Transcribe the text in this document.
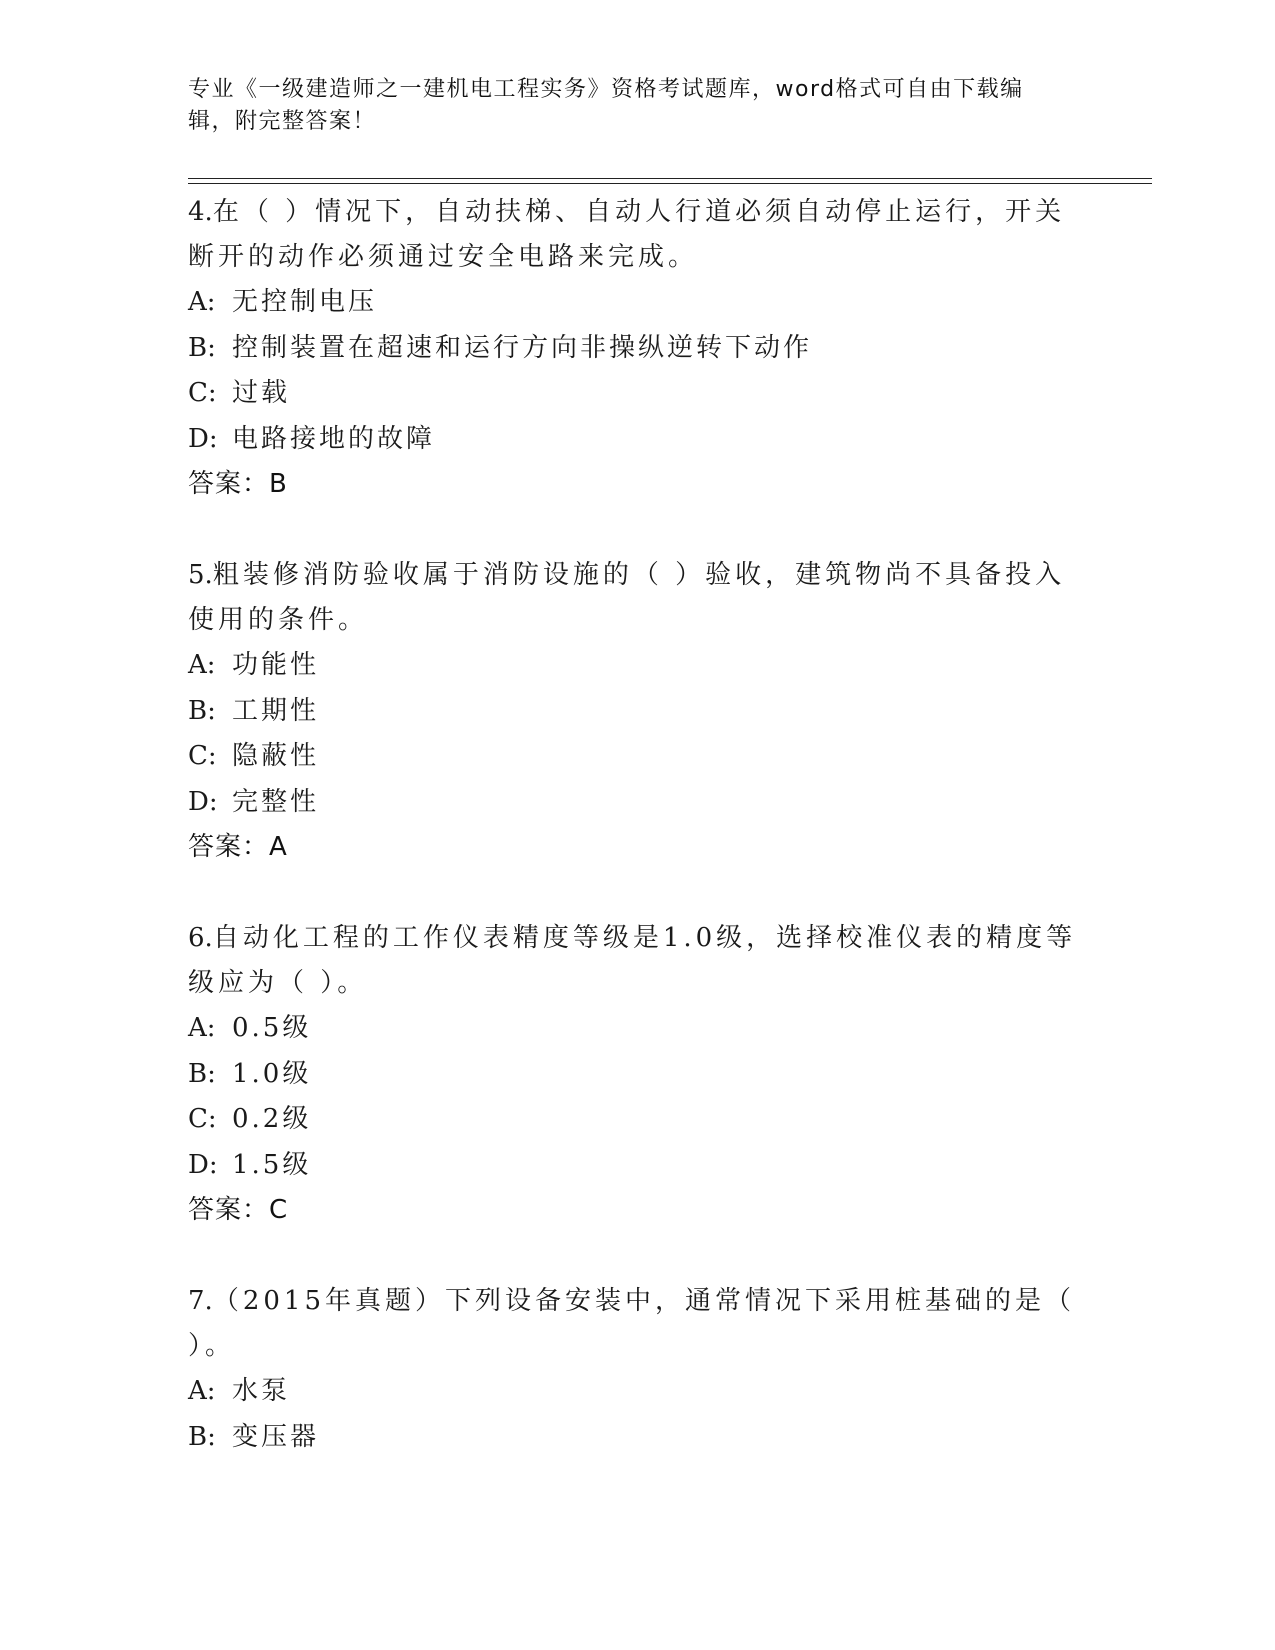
专业《一级建造师之一建机电工程实务》资格考试题库，word格式可自由下载编辑，附完整答案！

4.在（ ）情况下，自动扶梯、自动人行道必须自动停止运行，开关断开的动作必须通过安全电路来完成。

A: 无控制电压

B: 控制装置在超速和运行方向非操纵逆转下动作

C: 过载

D: 电路接地的故障

答案：B

5.粗装修消防验收属于消防设施的（ ）验收，建筑物尚不具备投入使用的条件。

A: 功能性

B: 工期性

C: 隐蔽性

D: 完整性

答案：A

6.自动化工程的工作仪表精度等级是1.0级，选择校准仪表的精度等级应为（ ）。

A: 0.5级

B: 1.0级

C: 0.2级

D: 1.5级

答案：C

7.（2015年真题）下列设备安装中，通常情况下采用桩基础的是（ ）。

A: 水泵

B: 变压器
